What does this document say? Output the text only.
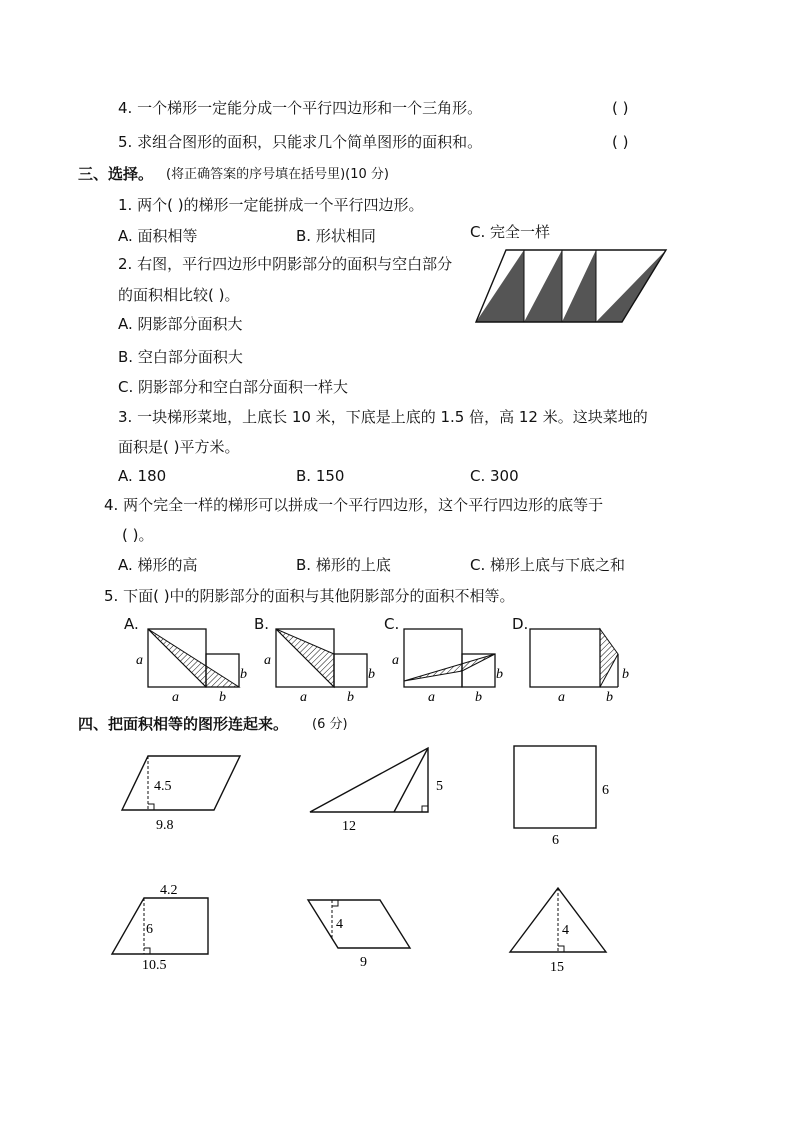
4. 一个梯形一定能分成一个平行四边形和一个三角形。	( )
5. 求组合图形的面积，只能求几个简单图形的面积和。	( )
三、选择。 (将正确答案的序号填在括号里)(10 分)
1. 两个( )的梯形一定能拼成一个平行四边形。
A. 面积相等	B. 形状相同	C. 完全一样
2. 右图，平行四边形中阴影部分的面积与空白部分
的面积相比较( )。
A. 阴影部分面积大
B. 空白部分面积大
C. 阴影部分和空白部分面积一样大
3. 一块梯形菜地，上底长 10 米，下底是上底的 1.5 倍，高 12 米。这块菜地的
面积是( )平方米。
A. 180	B. 150	C. 300
4. 两个完全一样的梯形可以拼成一个平行四边形，这个平行四边形的底等于
( )。
A. 梯形的高	B. 梯形的上底	C. 梯形上底与下底之和
5. 下面( )中的阴影部分的面积与其他阴影部分的面积不相等。
A.	B.	C.	D.
a
b
a	b
a
b
a	b
a
b
a	b
b
a	b
四、把面积相等的图形连起来。 (6 分)
4.5
9.8
5
12
6
6
4.2
6
10.5
4
9
4
15
